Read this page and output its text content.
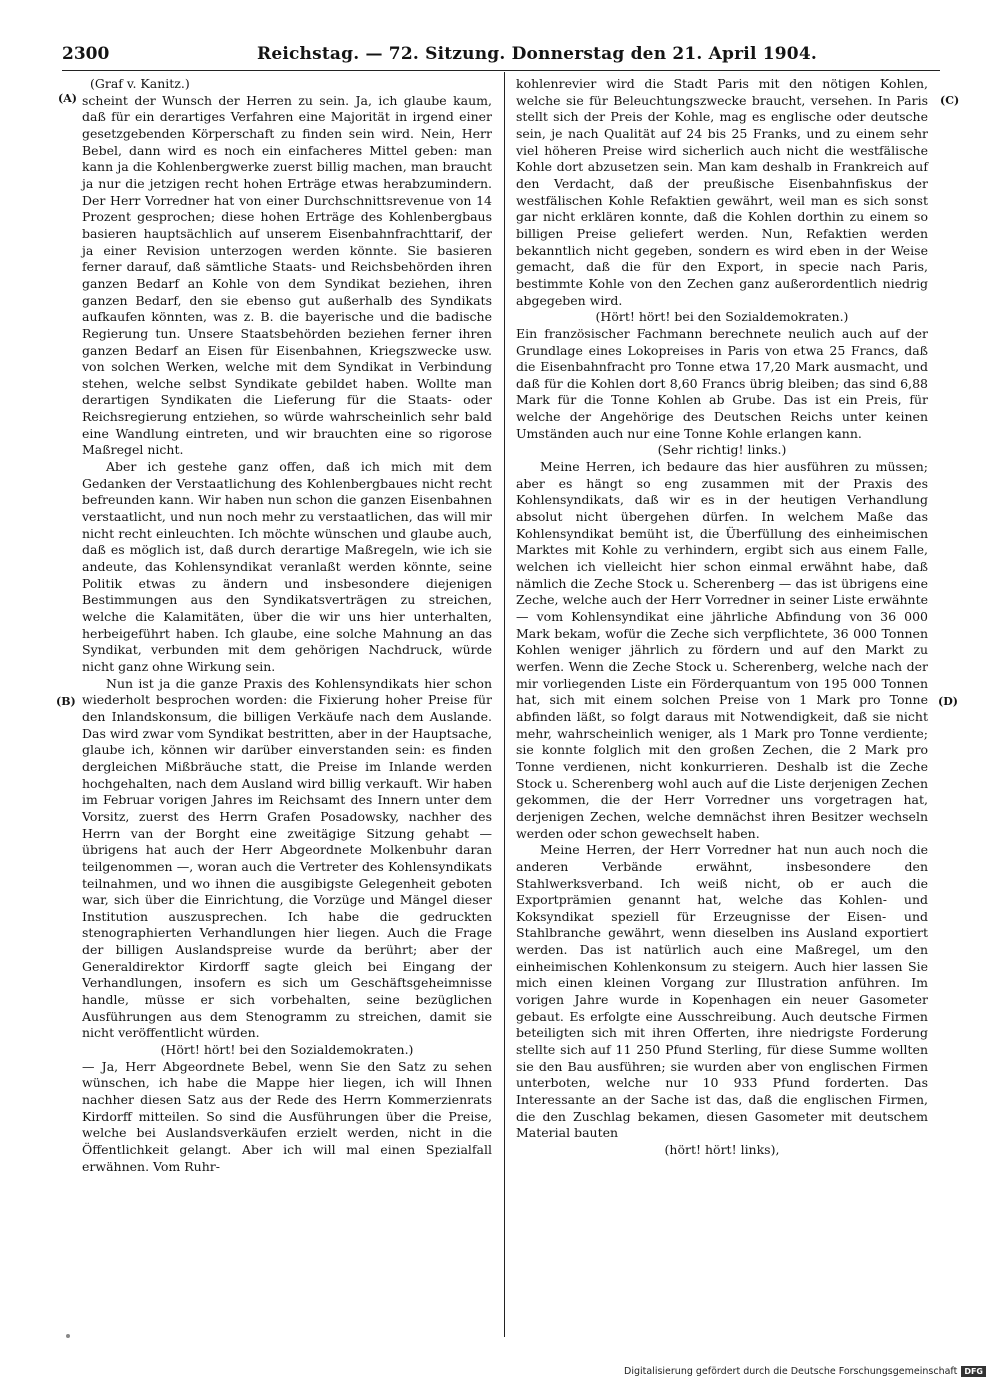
2300	Reichstag. — 72. Sitzung. Donnerstag den 21. April 1904.
(A)
(B)
(C)
(D)

(Graf v. Kanitz.)

scheint der Wunsch der Herren zu sein. Ja, ich glaube kaum, daß für ein derartiges Verfahren eine Majorität in irgend einer gesetzgebenden Körperschaft zu finden sein wird. Nein, Herr Bebel, dann wird es noch ein einfacheres Mittel geben: man kann ja die Kohlenbergwerke zuerst billig machen, man braucht ja nur die jetzigen recht hohen Erträge etwas herabzumindern. Der Herr Vorredner hat von einer Durchschnittsrevenue von 14 Prozent gesprochen; diese hohen Erträge des Kohlenbergbaus basieren hauptsächlich auf unserem Eisenbahnfrachttarif, der ja einer Revision unterzogen werden könnte. Sie basieren ferner darauf, daß sämtliche Staats- und Reichsbehörden ihren ganzen Bedarf an Kohle von dem Syndikat beziehen, ihren ganzen Bedarf, den sie ebenso gut außerhalb des Syndikats aufkaufen könnten, was z. B. die bayerische und die badische Regierung tun. Unsere Staatsbehörden beziehen ferner ihren ganzen Bedarf an Eisen für Eisenbahnen, Kriegszwecke usw. von solchen Werken, welche mit dem Syndikat in Verbindung stehen, welche selbst Syndikate gebildet haben. Wollte man derartigen Syndikaten die Lieferung für die Staats- oder Reichsregierung entziehen, so würde wahrscheinlich sehr bald eine Wandlung eintreten, und wir brauchten eine so rigorose Maßregel nicht.

Aber ich gestehe ganz offen, daß ich mich mit dem Gedanken der Verstaatlichung des Kohlenbergbaues nicht recht befreunden kann. Wir haben nun schon die ganzen Eisenbahnen verstaatlicht, und nun noch mehr zu verstaatlichen, das will mir nicht recht einleuchten. Ich möchte wünschen und glaube auch, daß es möglich ist, daß durch derartige Maßregeln, wie ich sie andeute, das Kohlensyndikat veranlaßt werden könnte, seine Politik etwas zu ändern und insbesondere diejenigen Bestimmungen aus den Syndikatsverträgen zu streichen, welche die Kalamitäten, über die wir uns hier unterhalten, herbeigeführt haben. Ich glaube, eine solche Mahnung an das Syndikat, verbunden mit dem gehörigen Nachdruck, würde nicht ganz ohne Wirkung sein.

Nun ist ja die ganze Praxis des Kohlensyndikats hier schon wiederholt besprochen worden: die Fixierung hoher Preise für den Inlandskonsum, die billigen Verkäufe nach dem Auslande. Das wird zwar vom Syndikat bestritten, aber in der Hauptsache, glaube ich, können wir darüber einverstanden sein: es finden dergleichen Mißbräuche statt, die Preise im Inlande werden hochgehalten, nach dem Ausland wird billig verkauft. Wir haben im Februar vorigen Jahres im Reichsamt des Innern unter dem Vorsitz, zuerst des Herrn Grafen Posadowsky, nachher des Herrn van der Borght eine zweitägige Sitzung gehabt — übrigens hat auch der Herr Abgeordnete Molkenbuhr daran teilgenommen —, woran auch die Vertreter des Kohlensyndikats teilnahmen, und wo ihnen die ausgibigste Gelegenheit geboten war, sich über die Einrichtung, die Vorzüge und Mängel dieser Institution auszusprechen. Ich habe die gedruckten stenographierten Verhandlungen hier liegen. Auch die Frage der billigen Auslandspreise wurde da berührt; aber der Generaldirektor Kirdorff sagte gleich bei Eingang der Verhandlungen, insofern es sich um Geschäftsgeheimnisse handle, müsse er sich vorbehalten, seine bezüglichen Ausführungen aus dem Stenogramm zu streichen, damit sie nicht veröffentlicht würden.

(Hört! hört! bei den Sozialdemokraten.)

— Ja, Herr Abgeordnete Bebel, wenn Sie den Satz zu sehen wünschen, ich habe die Mappe hier liegen, ich will Ihnen nachher diesen Satz aus der Rede des Herrn Kommerzienrats Kirdorff mitteilen. So sind die Ausführungen über die Preise, welche bei Auslandsverkäufen erzielt werden, nicht in die Öffentlichkeit gelangt. Aber ich will mal einen Spezialfall erwähnen. Vom Ruhr-

kohlenrevier wird die Stadt Paris mit den nötigen Kohlen, welche sie für Beleuchtungszwecke braucht, versehen. In Paris stellt sich der Preis der Kohle, mag es englische oder deutsche sein, je nach Qualität auf 24 bis 25 Franks, und zu einem sehr viel höheren Preise wird sicherlich auch nicht die westfälische Kohle dort abzusetzen sein. Man kam deshalb in Frankreich auf den Verdacht, daß der preußische Eisenbahnfiskus der westfälischen Kohle Refaktien gewährt, weil man es sich sonst gar nicht erklären konnte, daß die Kohlen dorthin zu einem so billigen Preise geliefert werden. Nun, Refaktien werden bekanntlich nicht gegeben, sondern es wird eben in der Weise gemacht, daß die für den Export, in specie nach Paris, bestimmte Kohle von den Zechen ganz außerordentlich niedrig abgegeben wird.

(Hört! hört! bei den Sozialdemokraten.)

Ein französischer Fachmann berechnete neulich auch auf der Grundlage eines Lokopreises in Paris von etwa 25 Francs, daß die Eisenbahnfracht pro Tonne etwa 17,20 Mark ausmacht, und daß für die Kohlen dort 8,60 Francs übrig bleiben; das sind 6,88 Mark für die Tonne Kohlen ab Grube. Das ist ein Preis, für welche der Angehörige des Deutschen Reichs unter keinen Umständen auch nur eine Tonne Kohle erlangen kann.

(Sehr richtig! links.)

Meine Herren, ich bedaure das hier ausführen zu müssen; aber es hängt so eng zusammen mit der Praxis des Kohlensyndikats, daß wir es in der heutigen Verhandlung absolut nicht übergehen dürfen. In welchem Maße das Kohlensyndikat bemüht ist, die Überfüllung des einheimischen Marktes mit Kohle zu verhindern, ergibt sich aus einem Falle, welchen ich vielleicht hier schon einmal erwähnt habe, daß nämlich die Zeche Stock u. Scherenberg — das ist übrigens eine Zeche, welche auch der Herr Vorredner in seiner Liste erwähnte — vom Kohlensyndikat eine jährliche Abfindung von 36 000 Mark bekam, wofür die Zeche sich verpflichtete, 36 000 Tonnen Kohlen weniger jährlich zu fördern und auf den Markt zu werfen. Wenn die Zeche Stock u. Scherenberg, welche nach der mir vorliegenden Liste ein Förderquantum von 195 000 Tonnen hat, sich mit einem solchen Preise von 1 Mark pro Tonne abfinden läßt, so folgt daraus mit Notwendigkeit, daß sie nicht mehr, wahrscheinlich weniger, als 1 Mark pro Tonne verdiente; sie konnte folglich mit den großen Zechen, die 2 Mark pro Tonne verdienen, nicht konkurrieren. Deshalb ist die Zeche Stock u. Scherenberg wohl auch auf die Liste derjenigen Zechen gekommen, die der Herr Vorredner uns vorgetragen hat, derjenigen Zechen, welche demnächst ihren Besitzer wechseln werden oder schon gewechselt haben.

Meine Herren, der Herr Vorredner hat nun auch noch die anderen Verbände erwähnt, insbesondere den Stahlwerksverband. Ich weiß nicht, ob er auch die Exportprämien genannt hat, welche das Kohlen- und Koksyndikat speziell für Erzeugnisse der Eisen- und Stahlbranche gewährt, wenn dieselben ins Ausland exportiert werden. Das ist natürlich auch eine Maßregel, um den einheimischen Kohlenkonsum zu steigern. Auch hier lassen Sie mich einen kleinen Vorgang zur Illustration anführen. Im vorigen Jahre wurde in Kopenhagen ein neuer Gasometer gebaut. Es erfolgte eine Ausschreibung. Auch deutsche Firmen beteiligten sich mit ihren Offerten, ihre niedrigste Forderung stellte sich auf 11 250 Pfund Sterling, für diese Summe wollten sie den Bau ausführen; sie wurden aber von englischen Firmen unterboten, welche nur 10 933 Pfund forderten. Das Interessante an der Sache ist das, daß die englischen Firmen, die den Zuschlag bekamen, diesen Gasometer mit deutschem Material bauten

(hört! hört! links),

Digitalisierung gefördert durch die Deutsche Forschungsgemeinschaft DFG
